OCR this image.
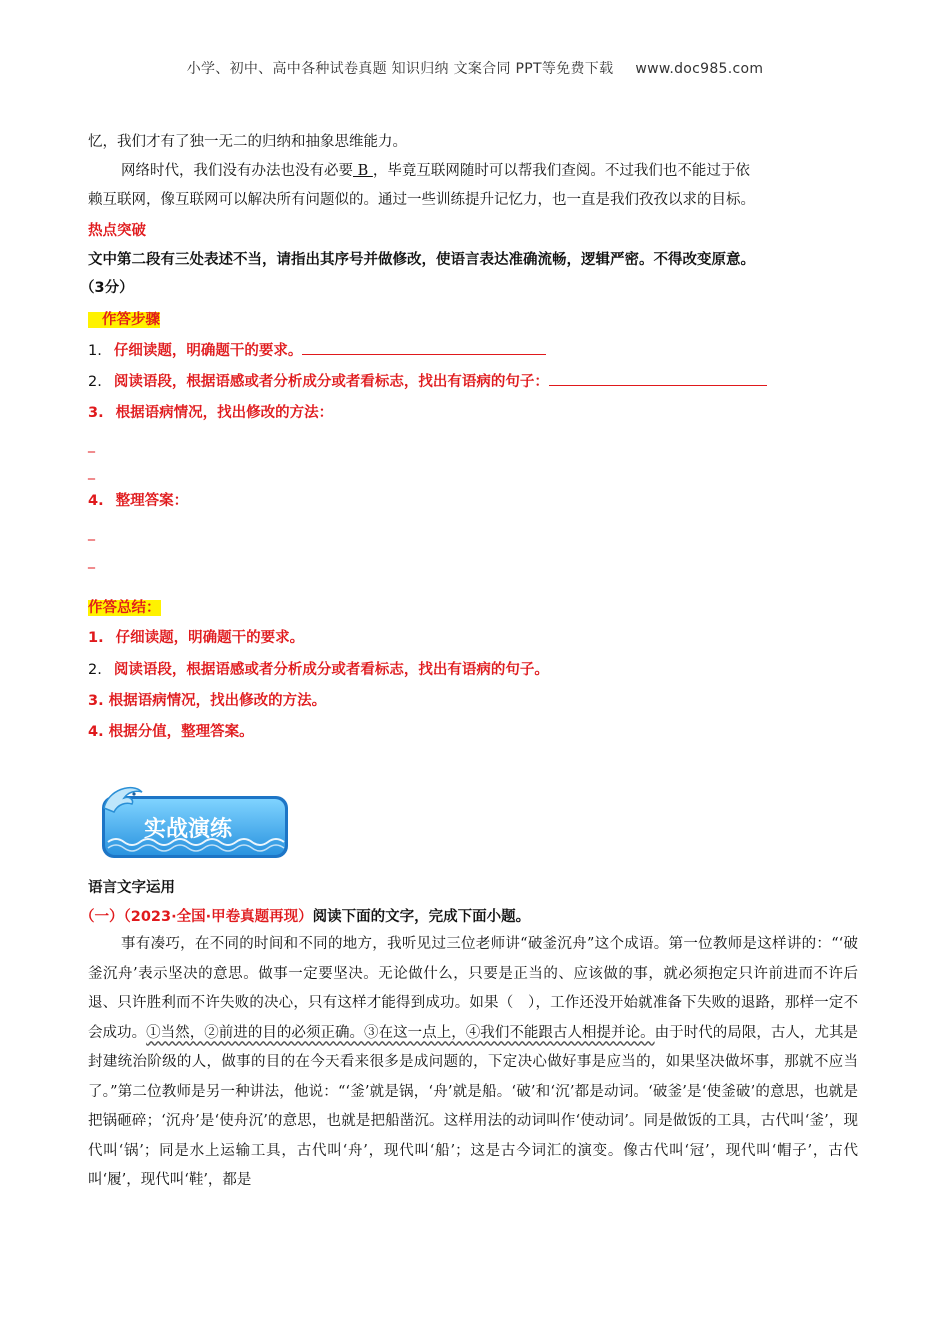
小学、初中、高中各种试卷真题 知识归纳 文案合同 PPT等免费下载 www.doc985.com
忆，我们才有了独一无二的归纳和抽象思维能力。
网络时代，我们没有办法也没有必要 B ，毕竟互联网随时可以帮我们查阅。不过我们也不能过于依
赖互联网，像互联网可以解决所有问题似的。通过一些训练提升记忆力，也一直是我们孜孜以求的目标。
热点突破
文中第二段有三处表述不当，请指出其序号并做修改，使语言表达准确流畅，逻辑严密。不得改变原意。
（3分）
作答步骤
1. 仔细读题，明确题干的要求。
2. 阅读语段，根据语感或者分析成分或者看标志，找出有语病的句子：
3. 根据语病情况，找出修改的方法：
_
_
4. 整理答案：
_
_
作答总结：
1. 仔细读题，明确题干的要求。
2. 阅读语段，根据语感或者分析成分或者看标志，找出有语病的句子。
3. 根据语病情况，找出修改的方法。
4. 根据分值，整理答案。
实战演练
语言文字运用
（一）（2023·全国·甲卷真题再现）阅读下面的文字，完成下面小题。
事有凑巧，在不同的时间和不同的地方，我听见过三位老师讲“破釜沉舟”这个成语。第一位教师是这样讲的：“‘破釜沉舟’表示坚决的意思。做事一定要坚决。无论做什么，只要是正当的、应该做的事，就必须抱定只许前进而不许后退、只许胜利而不许失败的决心，只有这样才能得到成功。如果（　），工作还没开始就准备下失败的退路，那样一定不会成功。①当然，②前进的目的必须正确。③在这一点上，④我们不能跟古人相提并论。由于时代的局限，古人，尤其是封建统治阶级的人，做事的目的在今天看来很多是成问题的，下定决心做好事是应当的，如果坚决做坏事，那就不应当了。”第二位教师是另一种讲法，他说：“‘釜’就是锅，‘舟’就是船。‘破’和‘沉’都是动词。‘破釜’是‘使釜破’的意思，也就是把锅砸碎；‘沉舟’是‘使舟沉’的意思，也就是把船凿沉。这样用法的动词叫作‘使动词’。同是做饭的工具，古代叫‘釜’，现代叫‘锅’；同是水上运输工具，古代叫‘舟’，现代叫‘船’；这是古今词汇的演变。像古代叫‘冠’，现代叫‘帽子’，古代叫‘履’，现代叫‘鞋’，都是
